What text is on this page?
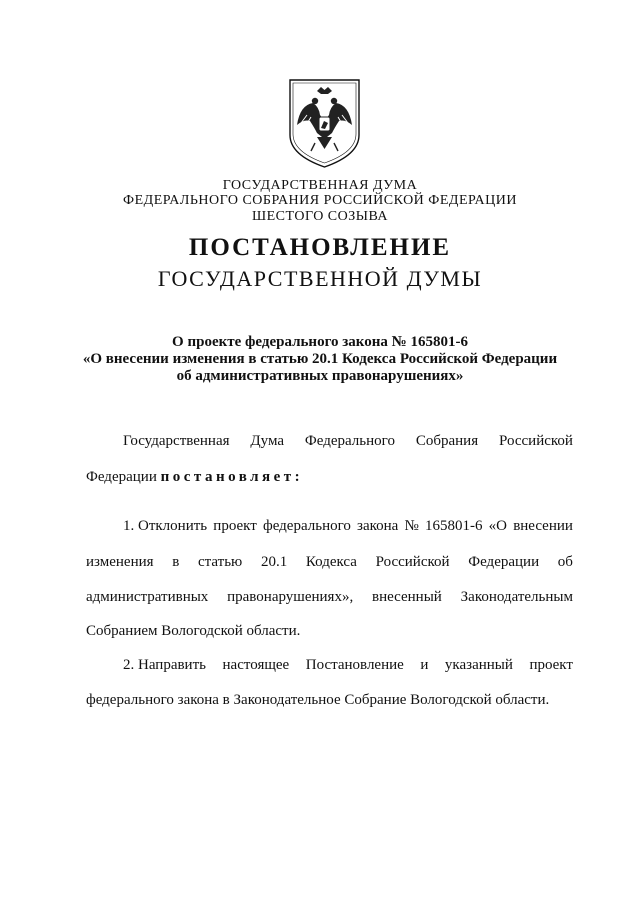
ГОСУДАРСТВЕННАЯ ДУМА
ФЕДЕРАЛЬНОГО СОБРАНИЯ РОССИЙСКОЙ ФЕДЕРАЦИИ
ШЕСТОГО СОЗЫВА
ПОСТАНОВЛЕНИЕ
ГОСУДАРСТВЕННОЙ ДУМЫ
О проекте федерального закона № 165801-6
«О внесении изменения в статью 20.1 Кодекса Российской Федерации
об административных правонарушениях»
Государственная Дума Федерального Собрания Российской
Федерации постановляет:
1. Отклонить проект федерального закона № 165801-6 «О внесении
изменения в статью 20.1 Кодекса Российской Федерации об
административных правонарушениях», внесенный Законодательным
Собранием Вологодской области.
2. Направить настоящее Постановление и указанный проект
федерального закона в Законодательное Собрание Вологодской области.
